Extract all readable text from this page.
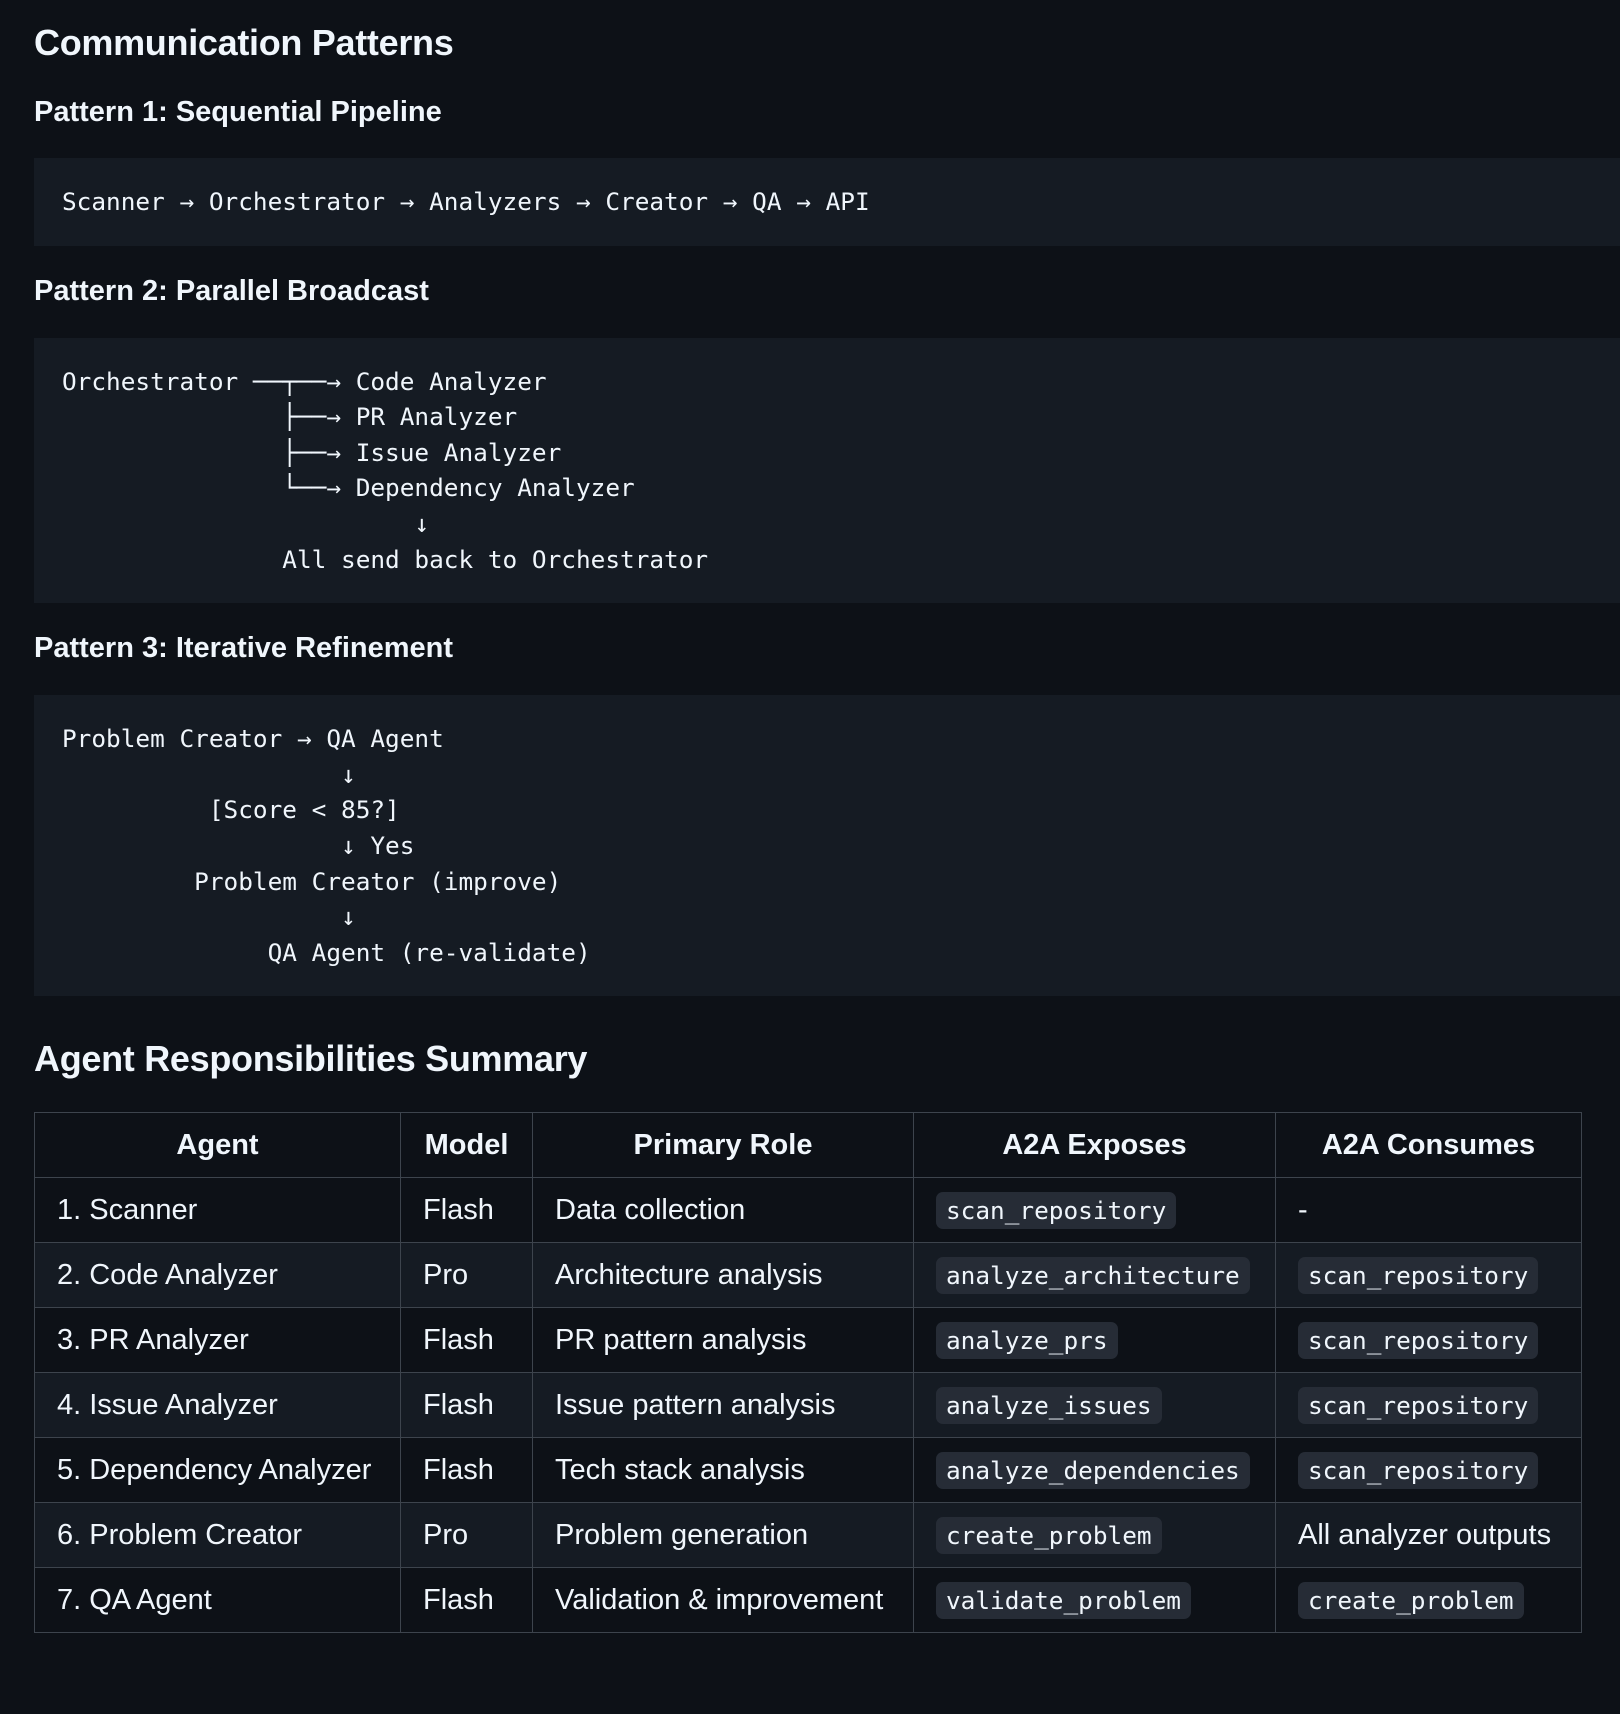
Communication Patterns
Pattern 1: Sequential Pipeline
Scanner → Orchestrator → Analyzers → Creator → QA → API
Pattern 2: Parallel Broadcast
Orchestrator ──┬──→ Code Analyzer
├──→ PR Analyzer
├──→ Issue Analyzer
└──→ Dependency Analyzer
↓
All send back to Orchestrator
Pattern 3: Iterative Refinement
Problem Creator → QA Agent
↓
[Score < 85?]
↓ Yes
Problem Creator (improve)
↓
QA Agent (re-validate)
Agent Responsibilities Summary
Agent	Model	Primary Role	A2A Exposes	A2A Consumes
1. Scanner	Flash	Data collection	scan_repository	-
2. Code Analyzer	Pro	Architecture analysis	analyze_architecture	scan_repository
3. PR Analyzer	Flash	PR pattern analysis	analyze_prs	scan_repository
4. Issue Analyzer	Flash	Issue pattern analysis	analyze_issues	scan_repository
5. Dependency Analyzer	Flash	Tech stack analysis	analyze_dependencies	scan_repository
6. Problem Creator	Pro	Problem generation	create_problem	All analyzer outputs
7. QA Agent	Flash	Validation & improvement	validate_problem	create_problem
